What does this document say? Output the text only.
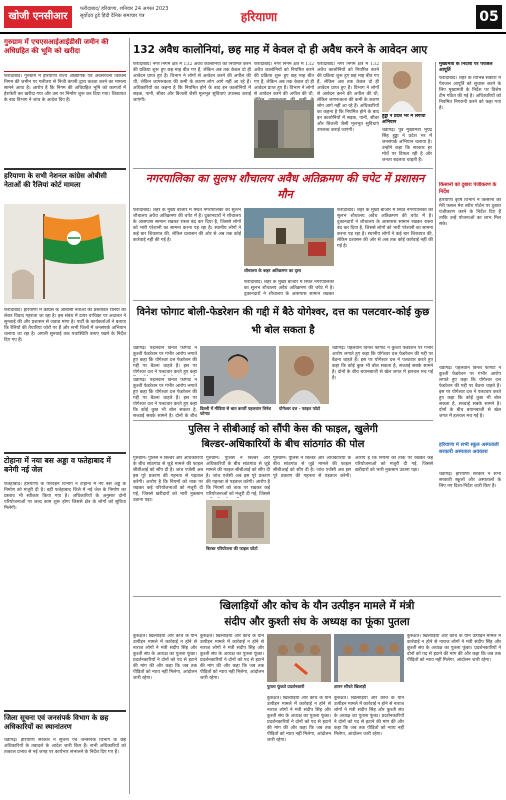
खोजी एनसीआर
फरीदाबाद/ हरियाणा, शनिवार 24 अगस्त 2023
सूर्योदय टुडे हिंदी दैनिक समाचार पत्र	हरियाणा	05
गुरुग्राम में एचएसआईआईडीसी जमीन की अधिग्रहित की भूमि को खरीदा
फरीदाबाद। गुरुग्राम में हरियाणा राज्य औद्योगिक एवं अवसंरचना विकास निगम की जमीन पर गलीतरा से निजी कंपनी द्वारा कब्जा करने का मामला सामने आया है। आरोप है कि निगम की अधिग्रहित भूमि को कागजों में हेराफेरी कर खरीदा गया और उस पर निर्माण शुरू कर दिया गया। शिकायत के बाद विभाग ने जांच के आदेश दिए हैं।
हरियाणा के सभी नेशनल कांग्रेस ओबीसी नेताओं की रैलियां कोर्ट मामला
फरीदाबाद। हरियाणा में कांग्रेस के ओबीसी नेताओं की प्रस्तावित रैलियों को लेकर विवाद गहराता जा रहा है। इस संबंध में दायर याचिका पर अदालत ने सुनवाई की और प्रशासन से जवाब मांगा है। पार्टी के कार्यकर्ताओं ने बताया कि रैलियों की तैयारियां जोरों पर हैं और सभी जिलों में जनसंपर्क अभियान चलाया जा रहा है। अगली सुनवाई तक यथास्थिति बनाए रखने के निर्देश दिए गए हैं।
टोहाना में नया बस अड्डा व फतेहाबाद में बनेगी नई जेल
फतेहाबाद। हरियाणा के परिवहन विभाग ने टोहाना में नए बस अड्डे के निर्माण को मंजूरी दी है। वहीं फतेहाबाद जिले में नई जेल के निर्माण का प्रस्ताव भी स्वीकार किया गया है। अधिकारियों के अनुसार दोनों परियोजनाओं पर जल्द काम शुरू होगा जिससे क्षेत्र के लोगों को सुविधा मिलेगी।
जिला सूचना एवं जनसंपर्क विभाग के छह अधिकारियों का स्थानांतरण
चंडीगढ़। हरियाणा सरकार ने सूचना एवं जनसंपर्क विभाग के छह अधिकारियों के तबादले के आदेश जारी किए हैं। सभी अधिकारियों को तत्काल प्रभाव से नई जगह पर कार्यभार संभालने के निर्देश दिए गए हैं।
132 अवैध कालोनियां, छह माह में केवल दो ही अवैध करने के आवेदन आए
फरीदाबाद। नगर निगम क्षेत्र में 132 अवैध कालोनियों को नियमित करने की प्रक्रिया शुरू हुए छह माह बीत गए हैं, लेकिन अब तक केवल दो ही आवेदन प्राप्त हुए हैं। विभाग ने लोगों से आवेदन करने की अपील की थी, लेकिन जागरूकता की कमी के कारण लोग आगे नहीं आ रहे हैं। अधिकारियों का कहना है कि नियमित होने के बाद इन कालोनियों में सड़क, पानी, सीवर और बिजली जैसी मूलभूत सुविधाएं उपलब्ध कराई जाएंगी।
फरीदाबाद। नगर निगम क्षेत्र में 132 अवैध कालोनियों को नियमित करने की प्रक्रिया शुरू हुए छह माह बीत गए हैं, लेकिन अब तक केवल दो ही आवेदन प्राप्त हुए हैं। विभाग ने लोगों से आवेदन करने की अपील की थी,
फरीदाबाद। नगर निगम क्षेत्र में 132 अवैध कालोनियों को नियमित करने की प्रक्रिया शुरू हुए छह माह बीत गए हैं, लेकिन अब तक केवल दो ही आवेदन प्राप्त हुए हैं। विभाग ने लोगों से आवेदन करने की अपील की थी, लेकिन जागरूकता की कमी के कारण लोग आगे नहीं आ रहे हैं। अधिकारियों का कहना है कि नियमित होने के बाद इन कालोनियों में सड़क, पानी, सीवर और बिजली जैसी मूलभूत सुविधाएं उपलब्ध कराई जाएंगी।
हुड्डा ने प्रदेश भर में लगाया अभियान
चंडीगढ़। पूर्व मुख्यमंत्री भूपेंद्र सिंह हुड्डा ने प्रदेश भर में जनसंपर्क अभियान चलाया है। उन्होंने कहा कि सरकार हर मोर्चे पर विफल रही है और जनता बदलाव चाहती है।
मुख्यमंत्री के निर्देशों पर पेयजल आपूर्ति
फरीदाबाद। शहर के विभिन्न सेक्टरों में पेयजल आपूर्ति को सुचारू करने के लिए मुख्यमंत्री के निर्देश पर विशेष टीम गठित की गई है। अधिकारियों को नियमित निगरानी करने को कहा गया है।
किसानों को दुबारा पंजीकरण के निर्देश
हरियाणा कृषि विभाग ने किसानों को मेरी फसल मेरा ब्यौरा पोर्टल पर दुबारा पंजीकरण करने के निर्देश दिए हैं ताकि उन्हें योजनाओं का लाभ मिल सके।
नगरपालिका का सुलभ शौचालय अवैध अतिक्रमण की चपेट में प्रशासन मौन
फरीदाबाद। शहर के मुख्य बाजार में स्थित नगरपालिका का सुलभ शौचालय अवैध अतिक्रमण की चपेट में है। दुकानदारों ने शौचालय के आसपास सामान रखकर रास्ता बंद कर दिया है, जिससे लोगों को भारी परेशानी का सामना करना पड़ रहा है। स्थानीय लोगों ने कई बार शिकायत की, लेकिन प्रशासन की ओर से अब तक कोई कार्रवाई नहीं की गई है।
शौचालय के बाहर अतिक्रमण का दृश्य
फरीदाबाद। शहर के मुख्य बाजार में स्थित नगरपालिका का सुलभ शौचालय अवैध अतिक्रमण की चपेट में है। दुकानदारों ने शौचालय के आसपास सामान रखकर रास्ता बंद कर दिया है, जिससे लोगों को भारी परेशानी का सामना करना पड़ रहा है। स्थानीय लोगों ने कई बार शिकायत की, लेकिन प्रशासन की ओर से अब तक कोई कार्रवाई नहीं की गई है।
फरीदाबाद। शहर के मुख्य बाजार में स्थित नगरपालिका का सुलभ शौचालय अवैध अतिक्रमण की चपेट में है। दुकानदारों ने शौचालय के आसपास सामान रखकर
विनेश फोगाट बोली-फेडरेशन की गद्दी में बैठे योगेश्वर, दत्त का पलटवार-कोई कुछ भी बोल सकता है
चंडीगढ़। पहलवान विनेश फोगाट ने कुश्ती फेडरेशन पर गंभीर आरोप लगाते हुए कहा कि योगेश्वर दत्त फेडरेशन की गद्दी पर बैठना चाहते हैं। इस पर योगेश्वर दत्त ने पलटवार करते हुए कहा
दिल्ली में मीडिया से बात करतीं पहलवान विनेश फोगाट
योगेश्वर दत्त - फाइल फोटो
चंडीगढ़। पहलवान विनेश फोगाट ने कुश्ती फेडरेशन पर गंभीर आरोप लगाते हुए कहा कि योगेश्वर दत्त फेडरेशन की गद्दी पर बैठना चाहते हैं। इस पर योगेश्वर दत्त ने पलटवार करते हुए कहा कि कोई कुछ भी बोल सकता है, सच्चाई सबके सामने है। दोनों के बीच
चंडीगढ़। पहलवान विनेश फोगाट ने कुश्ती फेडरेशन पर गंभीर आरोप लगाते हुए कहा कि योगेश्वर दत्त फेडरेशन की गद्दी पर बैठना चाहते हैं। इस पर योगेश्वर दत्त ने पलटवार करते हुए कहा कि कोई कुछ भी बोल सकता है, सच्चाई सबके सामने है। दोनों के बीच बयानबाजी से खेल जगत में हलचल मच गई है।
चंडीगढ़। पहलवान विनेश फोगाट ने कुश्ती फेडरेशन पर गंभीर आरोप लगाते हुए कहा कि योगेश्वर दत्त फेडरेशन की गद्दी पर बैठना चाहते हैं। इस पर योगेश्वर दत्त ने पलटवार करते हुए कहा कि कोई कुछ भी बोल सकता है, सच्चाई सबके सामने है। दोनों के बीच बयानबाजी से खेल जगत में हलचल मच गई है।
हरियाणा में सभी स्कूल अस्पताली सरकारी अस्पताल अवकाश
चंडीगढ़। हरियाणा सरकार ने सभी सरकारी स्कूलों और अस्पतालों के लिए नए दिशा-निर्देश जारी किए हैं।
पुलिस ने सीबीआई को सौंपी केस की फाइल, खुलेगी
बिल्डर-अधिकारियों के बीच सांठगांठ की पोल
गुरुग्राम। पुलिस ने बिल्डर और अधिकारियों के बीच सांठगांठ से जुड़े मामले की फाइल सीबीआई को सौंप दी है। जांच एजेंसी अब इस पूरे प्रकरण की गहनता से पड़ताल करेगी। आरोप है कि नियमों को ताक पर रखकर कई परियोजनाओं को मंजूरी दी गई, जिससे खरीदारों को भारी नुकसान उठाना पड़ा।
गुरुग्राम। पुलिस ने बिल्डर और अधिकारियों के बीच सांठगांठ से जुड़े मामले की फाइल सीबीआई को सौंप दी है। जांच एजेंसी अब इस पूरे प्रकरण की गहनता से पड़ताल करेगी। आरोप है कि नियमों को ताक पर रखकर कई परियोजनाओं को मंजूरी दी गई, जिससे
बिल्डर परियोजना की फाइल फोटो
गुरुग्राम। पुलिस ने बिल्डर और अधिकारियों के बीच सांठगांठ से जुड़े मामले की फाइल सीबीआई को सौंप दी है। जांच एजेंसी अब इस पूरे प्रकरण की गहनता से पड़ताल करेगी। आरोप है कि नियमों को ताक पर रखकर कई परियोजनाओं को मंजूरी दी गई, जिससे खरीदारों को भारी नुकसान उठाना पड़ा।
खिलाड़ियों और कोच के यौन उत्पीड़न मामले में मंत्री
संदीप और कुश्ती संघ के अध्यक्ष का फूंका पुतला
कुरुक्षेत्र। खिलाड़ियों और कोच के यौन उत्पीड़न मामले में कार्रवाई न होने से नाराज लोगों ने मंत्री संदीप सिंह और कुश्ती संघ के अध्यक्ष का पुतला फूंका। प्रदर्शनकारियों ने दोनों को पद से हटाने की मांग की और कहा कि जब तक पीड़ितों को न्याय नहीं मिलेगा, आंदोलन जारी रहेगा।
कुरुक्षेत्र। खिलाड़ियों और कोच के यौन उत्पीड़न मामले में कार्रवाई न होने से नाराज लोगों ने मंत्री संदीप सिंह और कुश्ती संघ के अध्यक्ष का पुतला फूंका। प्रदर्शनकारियों ने दोनों को पद से हटाने की मांग की और कहा कि जब तक पीड़ितों को न्याय नहीं मिलेगा, आंदोलन जारी रहेगा।
पुतला फूंकते प्रदर्शनकारी
कुरुक्षेत्र। खिलाड़ियों और कोच के यौन उत्पीड़न मामले में कार्रवाई न होने से नाराज लोगों ने मंत्री संदीप सिंह और कुश्ती संघ के अध्यक्ष का पुतला फूंका। प्रदर्शनकारियों ने दोनों को पद से हटाने की मांग की और कहा कि जब तक पीड़ितों को न्याय नहीं मिलेगा, आंदोलन जारी रहेगा।
ज्ञापन सौंपते खिलाड़ी
कुरुक्षेत्र। खिलाड़ियों और कोच के यौन उत्पीड़न मामले में कार्रवाई न होने से नाराज लोगों ने मंत्री संदीप सिंह और कुश्ती संघ के अध्यक्ष का पुतला फूंका। प्रदर्शनकारियों ने दोनों को पद से हटाने की मांग की और कहा कि जब तक पीड़ितों को न्याय नहीं मिलेगा, आंदोलन जारी रहेगा।
कुरुक्षेत्र। खिलाड़ियों और कोच के यौन उत्पीड़न मामले में कार्रवाई न होने से नाराज लोगों ने मंत्री संदीप सिंह और कुश्ती संघ के अध्यक्ष का पुतला फूंका। प्रदर्शनकारियों ने दोनों को पद से हटाने की मांग की और कहा कि जब तक पीड़ितों को न्याय नहीं मिलेगा, आंदोलन जारी रहेगा।
